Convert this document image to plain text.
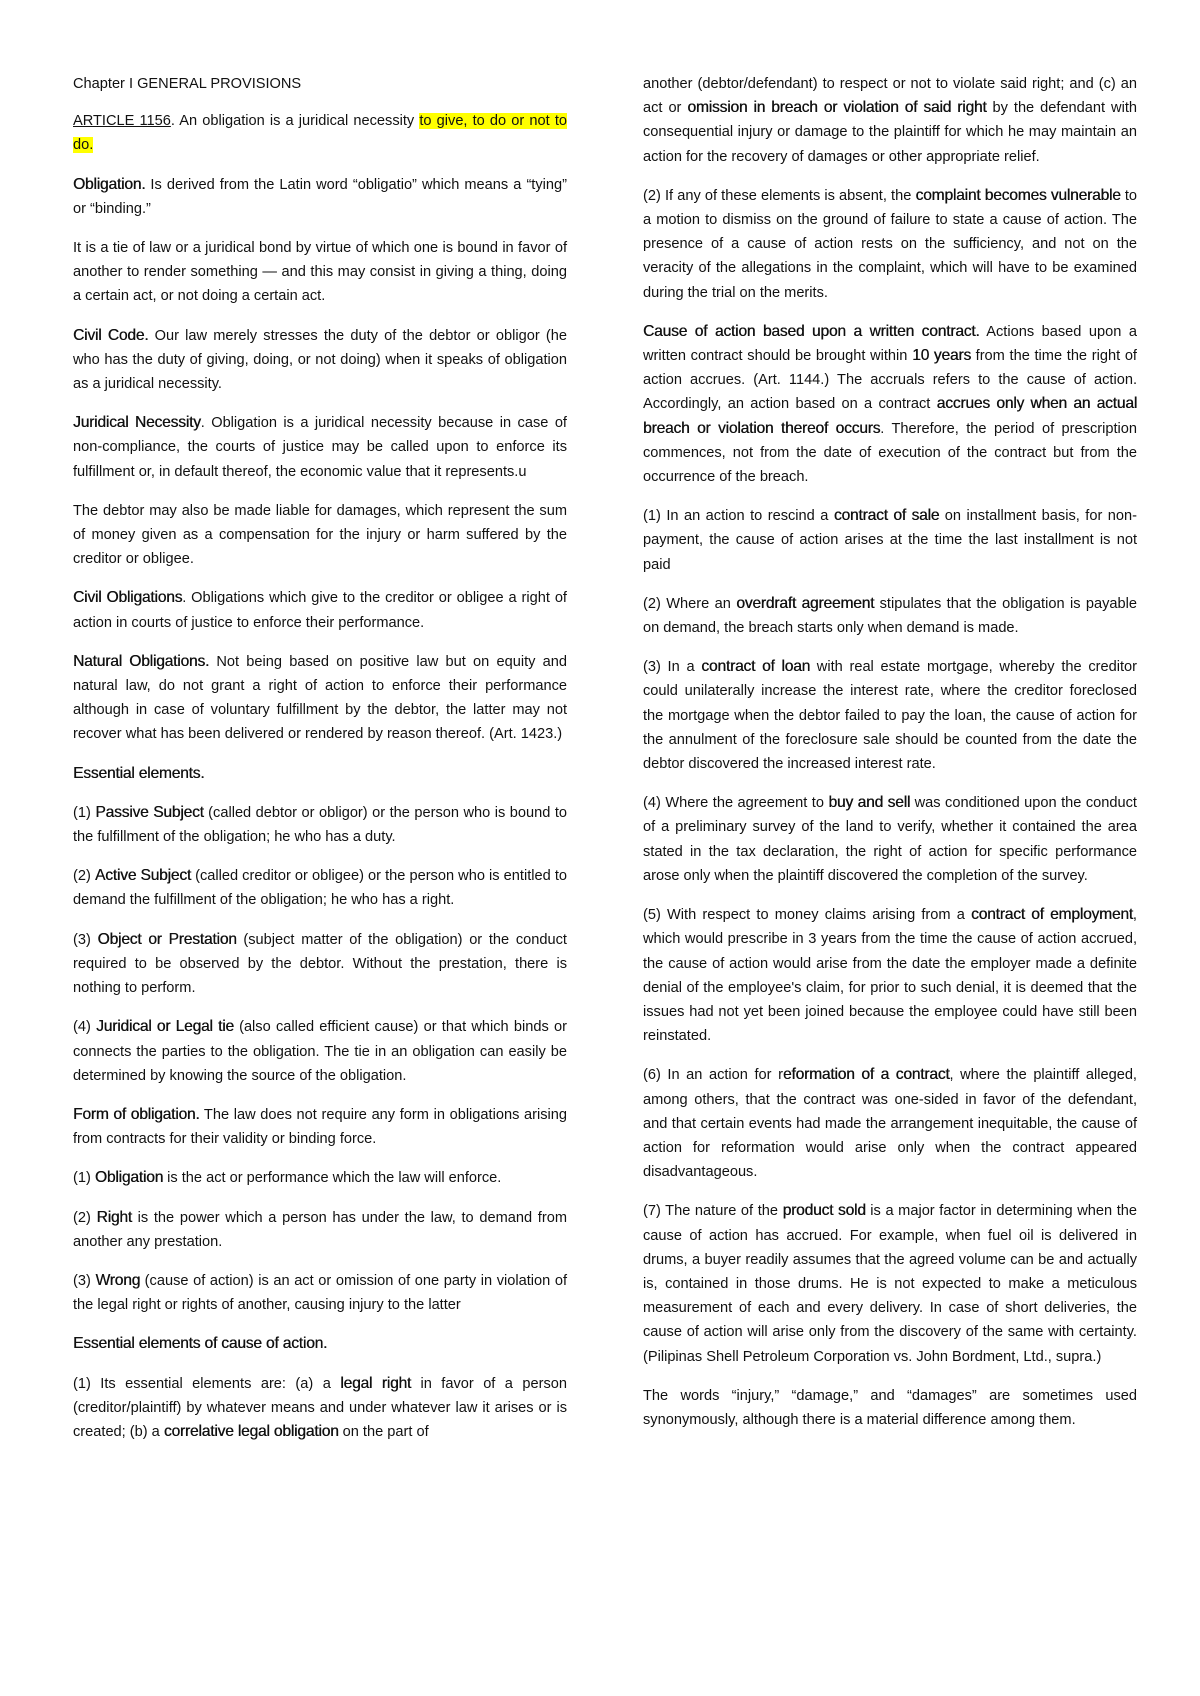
Chapter I GENERAL PROVISIONS

ARTICLE 1156. An obligation is a juridical necessity to give, to do or not to do.

Obligation. Is derived from the Latin word “obligatio” which means a “tying” or “binding.”

It is a tie of law or a juridical bond by virtue of which one is bound in favor of another to render something — and this may consist in giving a thing, doing a certain act, or not doing a certain act.

Civil Code. Our law merely stresses the duty of the debtor or obligor (he who has the duty of giving, doing, or not doing) when it speaks of obligation as a juridical necessity.

Juridical Necessity. Obligation is a juridical necessity because in case of non-compliance, the courts of justice may be called upon to enforce its fulfillment or, in default thereof, the economic value that it represents.u

The debtor may also be made liable for damages, which represent the sum of money given as a compensation for the injury or harm suffered by the creditor or obligee.

Civil Obligations. Obligations which give to the creditor or obligee a right of action in courts of justice to enforce their performance.

Natural Obligations. Not being based on positive law but on equity and natural law, do not grant a right of action to enforce their performance although in case of voluntary fulfillment by the debtor, the latter may not recover what has been delivered or rendered by reason thereof. (Art. 1423.)

Essential elements.

(1) Passive Subject (called debtor or obligor) or the person who is bound to the fulfillment of the obligation; he who has a duty.

(2) Active Subject (called creditor or obligee) or the person who is entitled to demand the fulfillment of the obligation; he who has a right.

(3) Object or Prestation (subject matter of the obligation) or the conduct required to be observed by the debtor. Without the prestation, there is nothing to perform.

(4) Juridical or Legal tie (also called efficient cause) or that which binds or connects the parties to the obligation. The tie in an obligation can easily be determined by knowing the source of the obligation.

Form of obligation. The law does not require any form in obligations arising from contracts for their validity or binding force.

(1) Obligation is the act or performance which the law will enforce.

(2) Right is the power which a person has under the law, to demand from another any prestation.

(3) Wrong (cause of action) is an act or omission of one party in violation of the legal right or rights of another, causing injury to the latter

Essential elements of cause of action.

(1) Its essential elements are: (a) a legal right in favor of a person (creditor/plaintiff) by whatever means and under whatever law it arises or is created; (b) a correlative legal obligation on the part of

another (debtor/defendant) to respect or not to violate said right; and (c) an act or omission in breach or violation of said right by the defendant with consequential injury or damage to the plaintiff for which he may maintain an action for the recovery of damages or other appropriate relief.

(2) If any of these elements is absent, the complaint becomes vulnerable to a motion to dismiss on the ground of failure to state a cause of action. The presence of a cause of action rests on the sufficiency, and not on the veracity of the allegations in the complaint, which will have to be examined during the trial on the merits.

Cause of action based upon a written contract. Actions based upon a written contract should be brought within 10 years from the time the right of action accrues. (Art. 1144.) The accruals refers to the cause of action. Accordingly, an action based on a contract accrues only when an actual breach or violation thereof occurs. Therefore, the period of prescription commences, not from the date of execution of the contract but from the occurrence of the breach.

(1) In an action to rescind a contract of sale on installment basis, for non-payment, the cause of action arises at the time the last installment is not paid

(2) Where an overdraft agreement stipulates that the obligation is payable on demand, the breach starts only when demand is made.

(3) In a contract of loan with real estate mortgage, whereby the creditor could unilaterally increase the interest rate, where the creditor foreclosed the mortgage when the debtor failed to pay the loan, the cause of action for the annulment of the foreclosure sale should be counted from the date the debtor discovered the increased interest rate.

(4) Where the agreement to buy and sell was conditioned upon the conduct of a preliminary survey of the land to verify, whether it contained the area stated in the tax declaration, the right of action for specific performance arose only when the plaintiff discovered the completion of the survey.

(5) With respect to money claims arising from a contract of employment, which would prescribe in 3 years from the time the cause of action accrued, the cause of action would arise from the date the employer made a definite denial of the employee's claim, for prior to such denial, it is deemed that the issues had not yet been joined because the employee could have still been reinstated.

(6) In an action for reformation of a contract, where the plaintiff alleged, among others, that the contract was one-sided in favor of the defendant, and that certain events had made the arrangement inequitable, the cause of action for reformation would arise only when the contract appeared disadvantageous.

(7) The nature of the product sold is a major factor in determining when the cause of action has accrued. For example, when fuel oil is delivered in drums, a buyer readily assumes that the agreed volume can be and actually is, contained in those drums. He is not expected to make a meticulous measurement of each and every delivery. In case of short deliveries, the cause of action will arise only from the discovery of the same with certainty. (Pilipinas Shell Petroleum Corporation vs. John Bordment, Ltd., supra.)

The words “injury,” “damage,” and “damages” are sometimes used synonymously, although there is a material difference among them.
